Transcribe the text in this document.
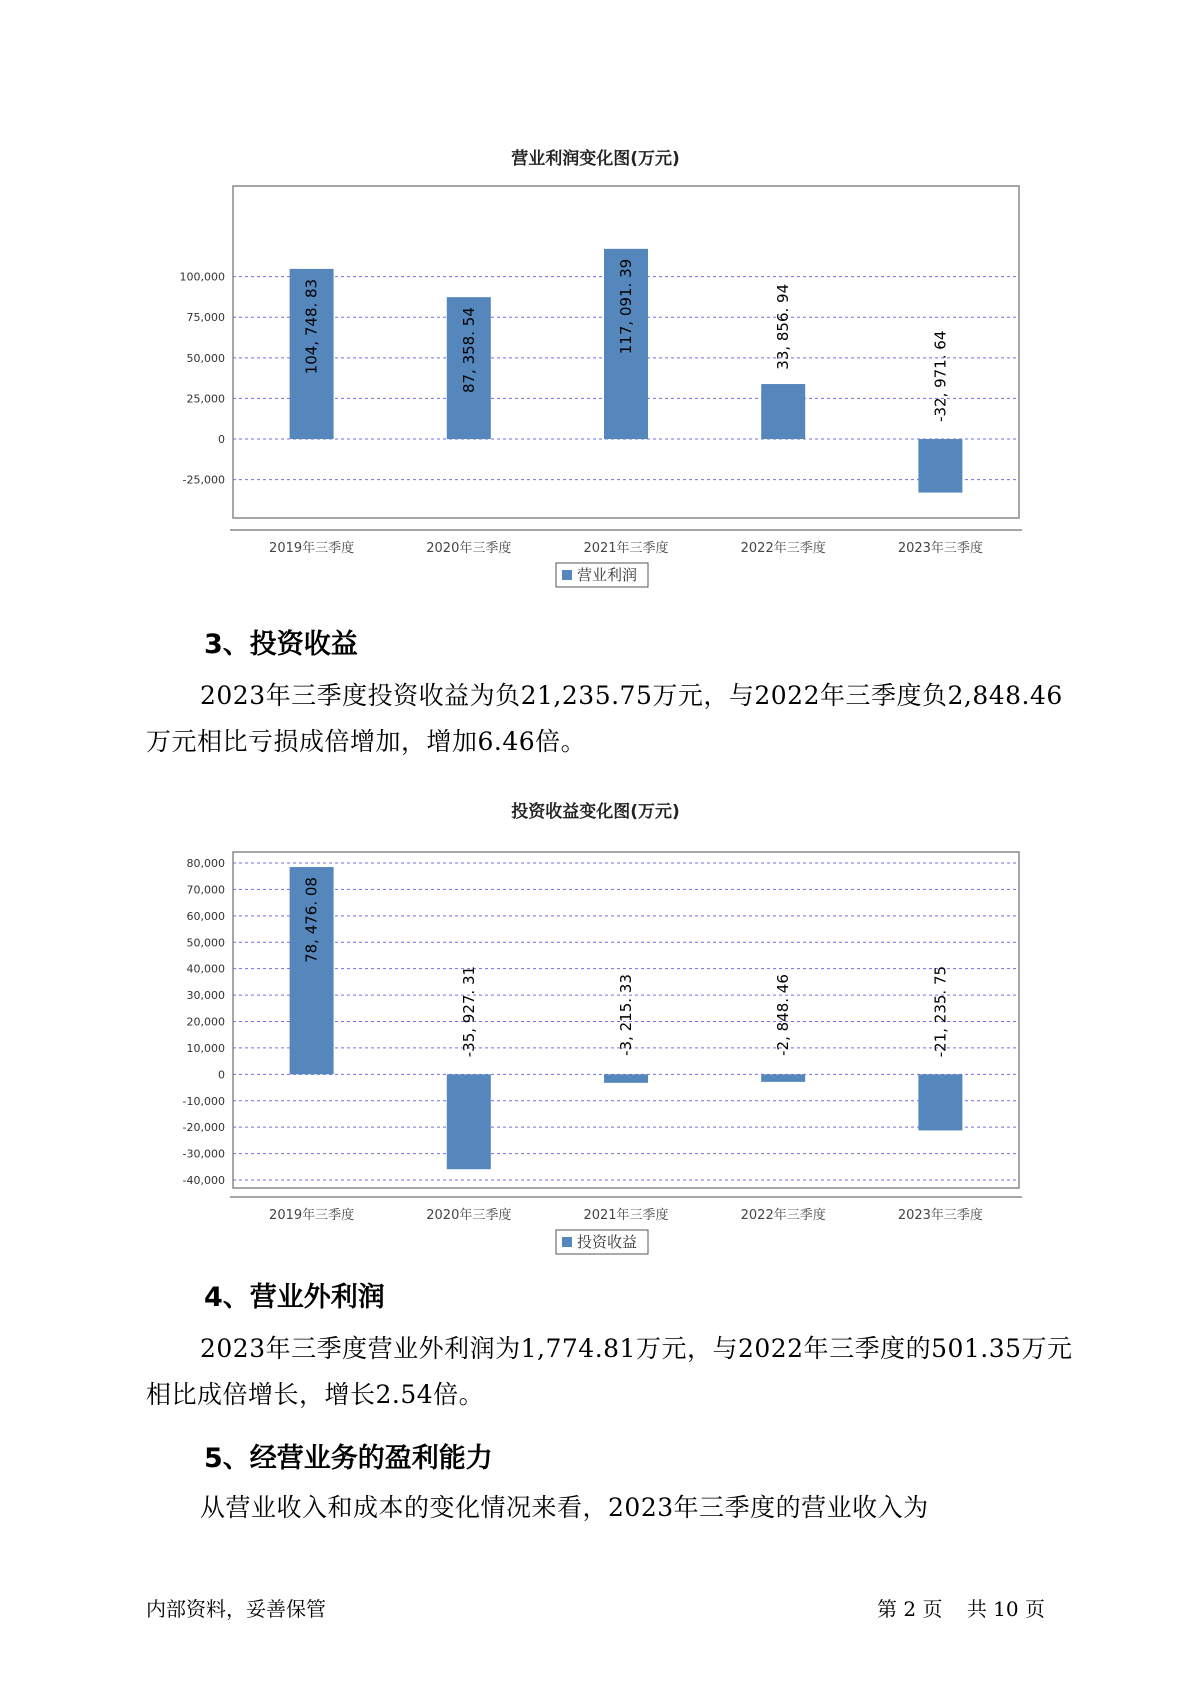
营业利润变化图(万元)
100,000
75,000
50,000
25,000
0
-25,000
104, 748. 83
2019年三季度
87, 358. 54
2020年三季度
117, 091. 39
2021年三季度
33, 856. 94
2022年三季度
-32, 971. 64
2023年三季度
营业利润
3、投资收益
2023年三季度投资收益为负21,235.75万元，与2022年三季度负2,848.46万元相比亏损成倍增加，增加6.46倍。
投资收益变化图(万元)
80,000
70,000
60,000
50,000
40,000
30,000
20,000
10,000
0
-10,000
-20,000
-30,000
-40,000
78, 476. 08
2019年三季度
-35, 927. 31
2020年三季度
-3, 215. 33
2021年三季度
-2, 848. 46
2022年三季度
-21, 235. 75
2023年三季度
投资收益
4、营业外利润
2023年三季度营业外利润为1,774.81万元，与2022年三季度的501.35万元相比成倍增长，增长2.54倍。
5、经营业务的盈利能力
从营业收入和成本的变化情况来看，2023年三季度的营业收入为
内部资料，妥善保管	第 2 页 共 10 页
